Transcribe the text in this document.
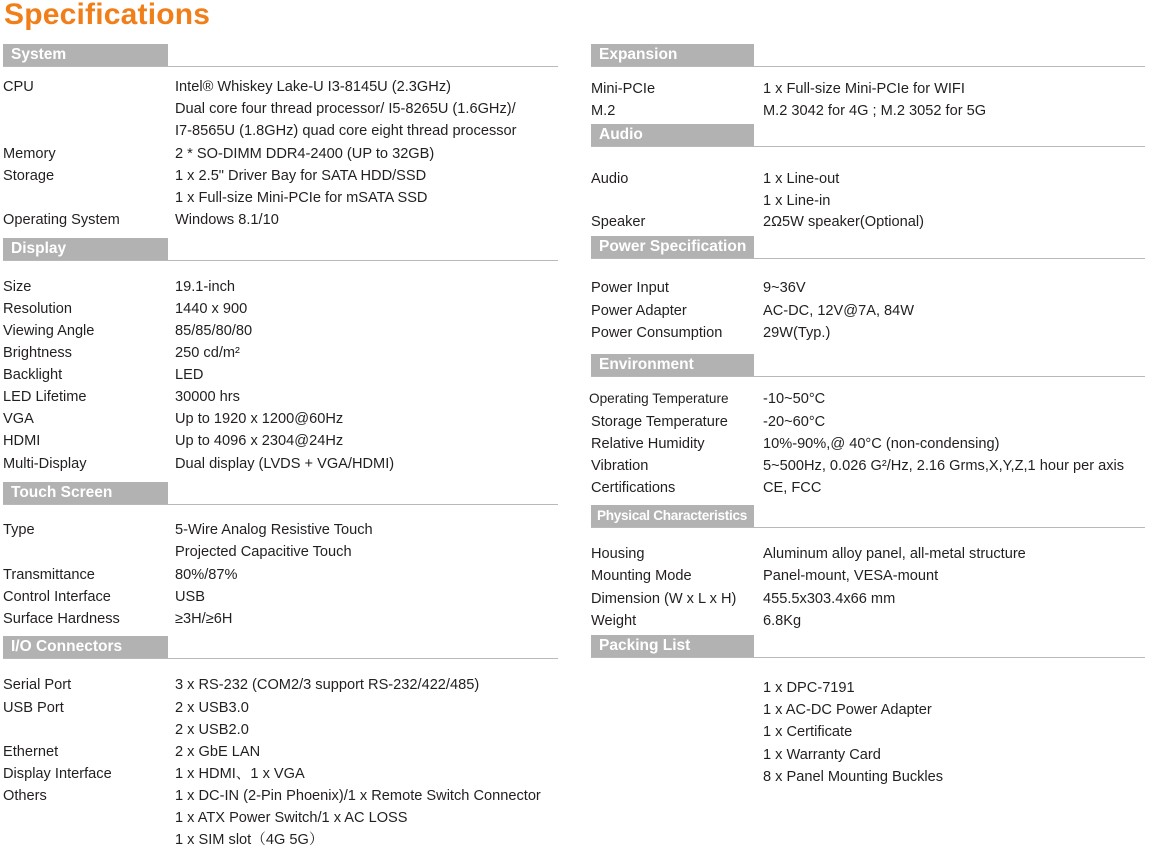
Specifications
System
CPU	Intel® Whiskey Lake-U I3-8145U (2.3GHz)
Dual core four thread processor/ I5-8265U (1.6GHz)/
I7-8565U (1.8GHz) quad core eight thread processor
Memory	2 * SO-DIMM DDR4-2400 (UP to 32GB)
Storage	1 x 2.5" Driver Bay for SATA HDD/SSD
1 x Full-size Mini-PCIe for mSATA SSD
Operating System	Windows 8.1/10
Display
Size	19.1-inch
Resolution	1440 x 900
Viewing Angle	85/85/80/80
Brightness	250 cd/m²
Backlight	LED
LED Lifetime	30000 hrs
VGA	Up to 1920 x 1200@60Hz
HDMI	Up to 4096 x 2304@24Hz
Multi-Display	Dual display (LVDS + VGA/HDMI)
Touch Screen
Type	5-Wire Analog Resistive Touch
Projected Capacitive Touch
Transmittance	80%/87%
Control Interface	USB
Surface Hardness	≥3H/≥6H
I/O Connectors
Serial Port	3 x RS-232 (COM2/3 support RS-232/422/485)
USB Port	2 x USB3.0
2 x USB2.0
Ethernet	2 x GbE LAN
Display Interface	1 x HDMI、1 x VGA
Others	1 x DC-IN (2-Pin Phoenix)/1 x Remote Switch Connector
1 x ATX Power Switch/1 x AC LOSS
1 x SIM slot（4G 5G）
Expansion
Mini-PCIe	1 x Full-size Mini-PCIe for WIFI
M.2	M.2 3042 for 4G ; M.2 3052 for 5G
Audio
Audio	1 x Line-out
1 x Line-in
Speaker	2Ω5W speaker(Optional)
Power Specification
Power Input	9~36V
Power Adapter	AC-DC, 12V@7A, 84W
Power Consumption	29W(Typ.)
Environment
Operating Temperature -10~50°C
Storage Temperature -20~60°C
Relative Humidity	10%-90%,@ 40°C (non-condensing)
Vibration	5~500Hz, 0.026 G²/Hz, 2.16 Grms,X,Y,Z,1 hour per axis
Certifications	CE, FCC
Physical Characteristics
Housing	Aluminum alloy panel, all-metal structure
Mounting Mode	Panel-mount, VESA-mount
Dimension (W x L x H) 455.5x303.4x66 mm
Weight	6.8Kg
Packing List
1 x DPC-7191
1 x AC-DC Power Adapter
1 x Certificate
1 x Warranty Card
8 x Panel Mounting Buckles
